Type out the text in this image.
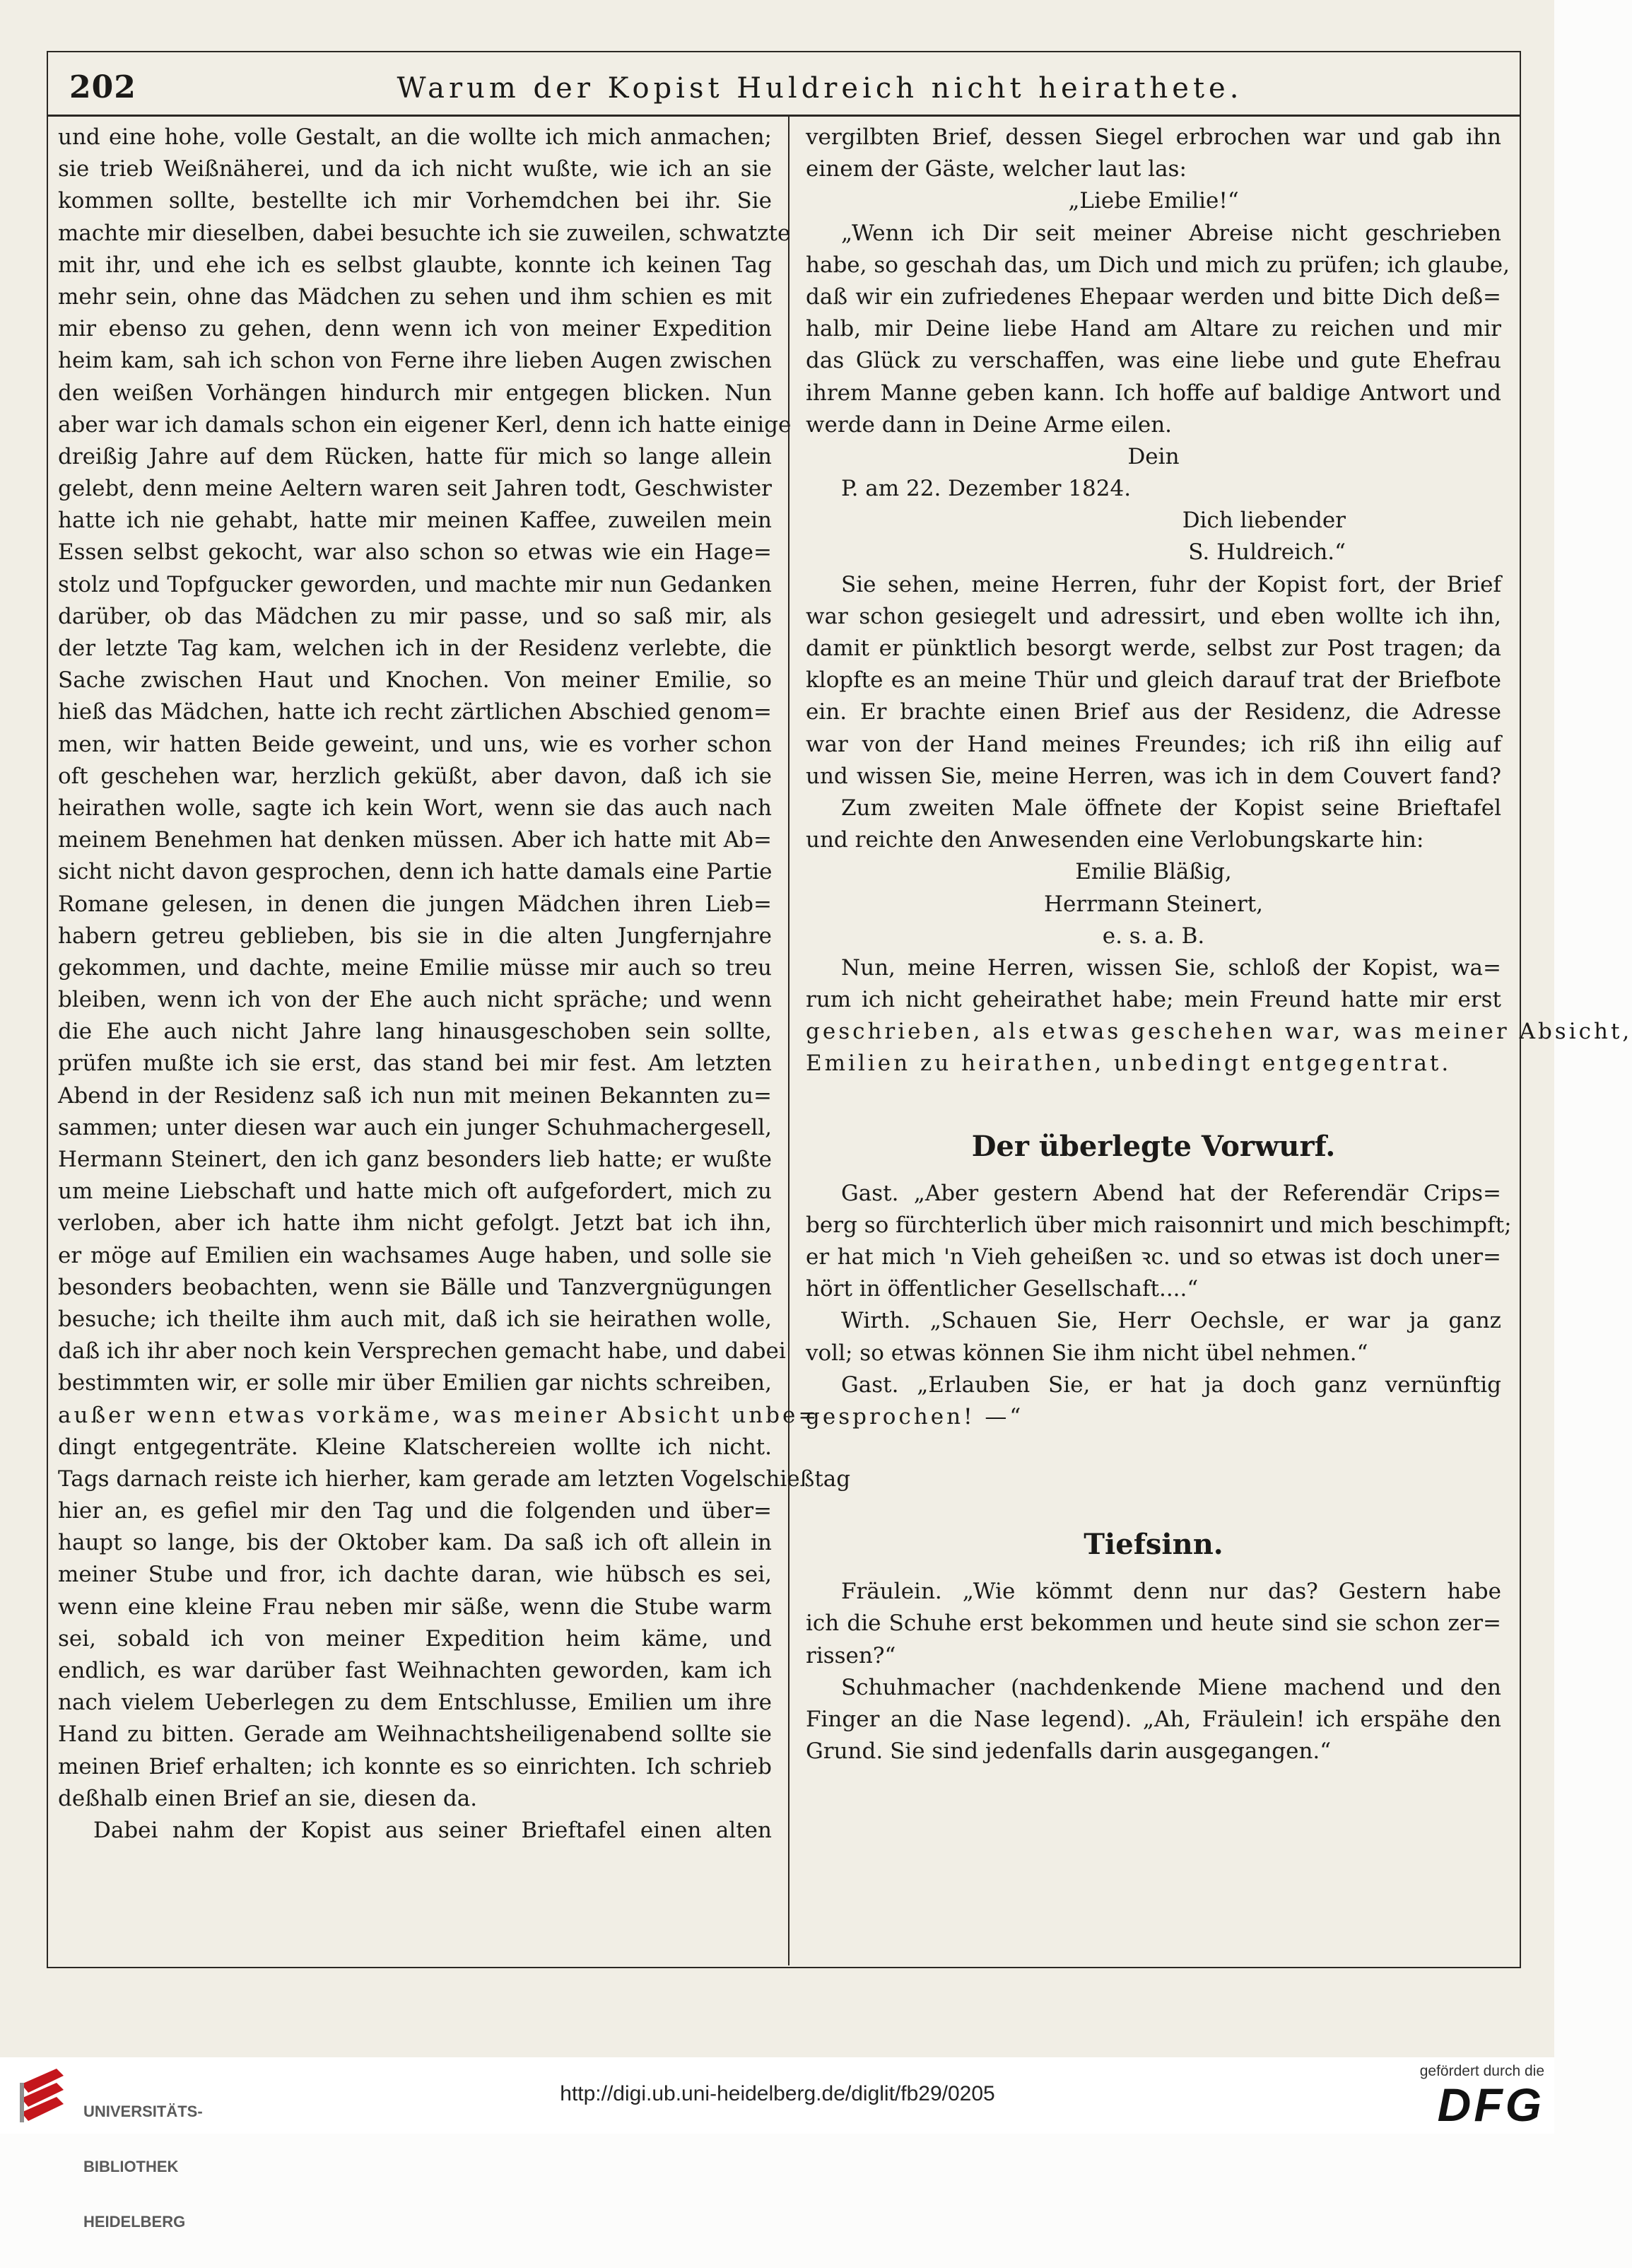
202	Warum der Kopist Huldreich nicht heirathete.
und eine hohe, volle Gestalt, an die wollte ich mich anmachen;
sie trieb Weißnäherei, und da ich nicht wußte, wie ich an sie
kommen sollte, bestellte ich mir Vorhemdchen bei ihr. Sie
machte mir dieselben, dabei besuchte ich sie zuweilen, schwatzte
mit ihr, und ehe ich es selbst glaubte, konnte ich keinen Tag
mehr sein, ohne das Mädchen zu sehen und ihm schien es mit
mir ebenso zu gehen, denn wenn ich von meiner Expedition
heim kam, sah ich schon von Ferne ihre lieben Augen zwischen
den weißen Vorhängen hindurch mir entgegen blicken. Nun
aber war ich damals schon ein eigener Kerl, denn ich hatte einige
dreißig Jahre auf dem Rücken, hatte für mich so lange allein
gelebt, denn meine Aeltern waren seit Jahren todt, Geschwister
hatte ich nie gehabt, hatte mir meinen Kaffee, zuweilen mein
Essen selbst gekocht, war also schon so etwas wie ein Hage=
stolz und Topfgucker geworden, und machte mir nun Gedanken
darüber, ob das Mädchen zu mir passe, und so saß mir, als
der letzte Tag kam, welchen ich in der Residenz verlebte, die
Sache zwischen Haut und Knochen. Von meiner Emilie, so
hieß das Mädchen, hatte ich recht zärtlichen Abschied genom=
men, wir hatten Beide geweint, und uns, wie es vorher schon
oft geschehen war, herzlich geküßt, aber davon, daß ich sie
heirathen wolle, sagte ich kein Wort, wenn sie das auch nach
meinem Benehmen hat denken müssen. Aber ich hatte mit Ab=
sicht nicht davon gesprochen, denn ich hatte damals eine Partie
Romane gelesen, in denen die jungen Mädchen ihren Lieb=
habern getreu geblieben, bis sie in die alten Jungfernjahre
gekommen, und dachte, meine Emilie müsse mir auch so treu
bleiben, wenn ich von der Ehe auch nicht spräche; und wenn
die Ehe auch nicht Jahre lang hinausgeschoben sein sollte,
prüfen mußte ich sie erst, das stand bei mir fest. Am letzten
Abend in der Residenz saß ich nun mit meinen Bekannten zu=
sammen; unter diesen war auch ein junger Schuhmachergesell,
Hermann Steinert, den ich ganz besonders lieb hatte; er wußte
um meine Liebschaft und hatte mich oft aufgefordert, mich zu
verloben, aber ich hatte ihm nicht gefolgt. Jetzt bat ich ihn,
er möge auf Emilien ein wachsames Auge haben, und solle sie
besonders beobachten, wenn sie Bälle und Tanzvergnügungen
besuche; ich theilte ihm auch mit, daß ich sie heirathen wolle,
daß ich ihr aber noch kein Versprechen gemacht habe, und dabei
bestimmten wir, er solle mir über Emilien gar nichts schreiben,
außer wenn etwas vorkäme, was meiner Absicht unbe=
dingt entgegenträte. Kleine Klatschereien wollte ich nicht.
Tags darnach reiste ich hierher, kam gerade am letzten Vogelschießtag
hier an, es gefiel mir den Tag und die folgenden und über=
haupt so lange, bis der Oktober kam. Da saß ich oft allein in
meiner Stube und fror, ich dachte daran, wie hübsch es sei,
wenn eine kleine Frau neben mir säße, wenn die Stube warm
sei, sobald ich von meiner Expedition heim käme, und
endlich, es war darüber fast Weihnachten geworden, kam ich
nach vielem Ueberlegen zu dem Entschlusse, Emilien um ihre
Hand zu bitten. Gerade am Weihnachtsheiligenabend sollte sie
meinen Brief erhalten; ich konnte es so einrichten. Ich schrieb
deßhalb einen Brief an sie, diesen da.
Dabei nahm der Kopist aus seiner Brieftafel einen alten
vergilbten Brief, dessen Siegel erbrochen war und gab ihn
einem der Gäste, welcher laut las:
„Liebe Emilie!“
„Wenn ich Dir seit meiner Abreise nicht geschrieben
habe, so geschah das, um Dich und mich zu prüfen; ich glaube,
daß wir ein zufriedenes Ehepaar werden und bitte Dich deß=
halb, mir Deine liebe Hand am Altare zu reichen und mir
das Glück zu verschaffen, was eine liebe und gute Ehefrau
ihrem Manne geben kann. Ich hoffe auf baldige Antwort und
werde dann in Deine Arme eilen.
Dein
P. am 22. Dezember 1824.
Dich liebender
S. Huldreich.“
Sie sehen, meine Herren, fuhr der Kopist fort, der Brief
war schon gesiegelt und adressirt, und eben wollte ich ihn,
damit er pünktlich besorgt werde, selbst zur Post tragen; da
klopfte es an meine Thür und gleich darauf trat der Briefbote
ein. Er brachte einen Brief aus der Residenz, die Adresse
war von der Hand meines Freundes; ich riß ihn eilig auf
und wissen Sie, meine Herren, was ich in dem Couvert fand?
Zum zweiten Male öffnete der Kopist seine Brieftafel
und reichte den Anwesenden eine Verlobungskarte hin:
Emilie Bläßig,
Herrmann Steinert,
e. s. a. B.
Nun, meine Herren, wissen Sie, schloß der Kopist, wa=
rum ich nicht geheirathet habe; mein Freund hatte mir erst
geschrieben, als etwas geschehen war, was meiner Absicht,
Emilien zu heirathen, unbedingt entgegentrat.
Der überlegte Vorwurf.
Gast. „Aber gestern Abend hat der Referendär Crips=
berg so fürchterlich über mich raisonnirt und mich beschimpft;
er hat mich 'n Vieh geheißen ꝛc. und so etwas ist doch uner=
hört in öffentlicher Gesellschaft....“
Wirth. „Schauen Sie, Herr Oechsle, er war ja ganz
voll; so etwas können Sie ihm nicht übel nehmen.“
Gast. „Erlauben Sie, er hat ja doch ganz vernünftig
gesprochen! —“
Tiefsinn.
Fräulein. „Wie kömmt denn nur das? Gestern habe
ich die Schuhe erst bekommen und heute sind sie schon zer=
rissen?“
Schuhmacher (nachdenkende Miene machend und den
Finger an die Nase legend). „Ah, Fräulein! ich erspähe den
Grund. Sie sind jedenfalls darin ausgegangen.“

UNIVERSITÄTS-

BIBLIOTHEK

HEIDELBERG

http://digi.ub.uni-heidelberg.de/diglit/fb29/0205
gefördert durch die
DFG
